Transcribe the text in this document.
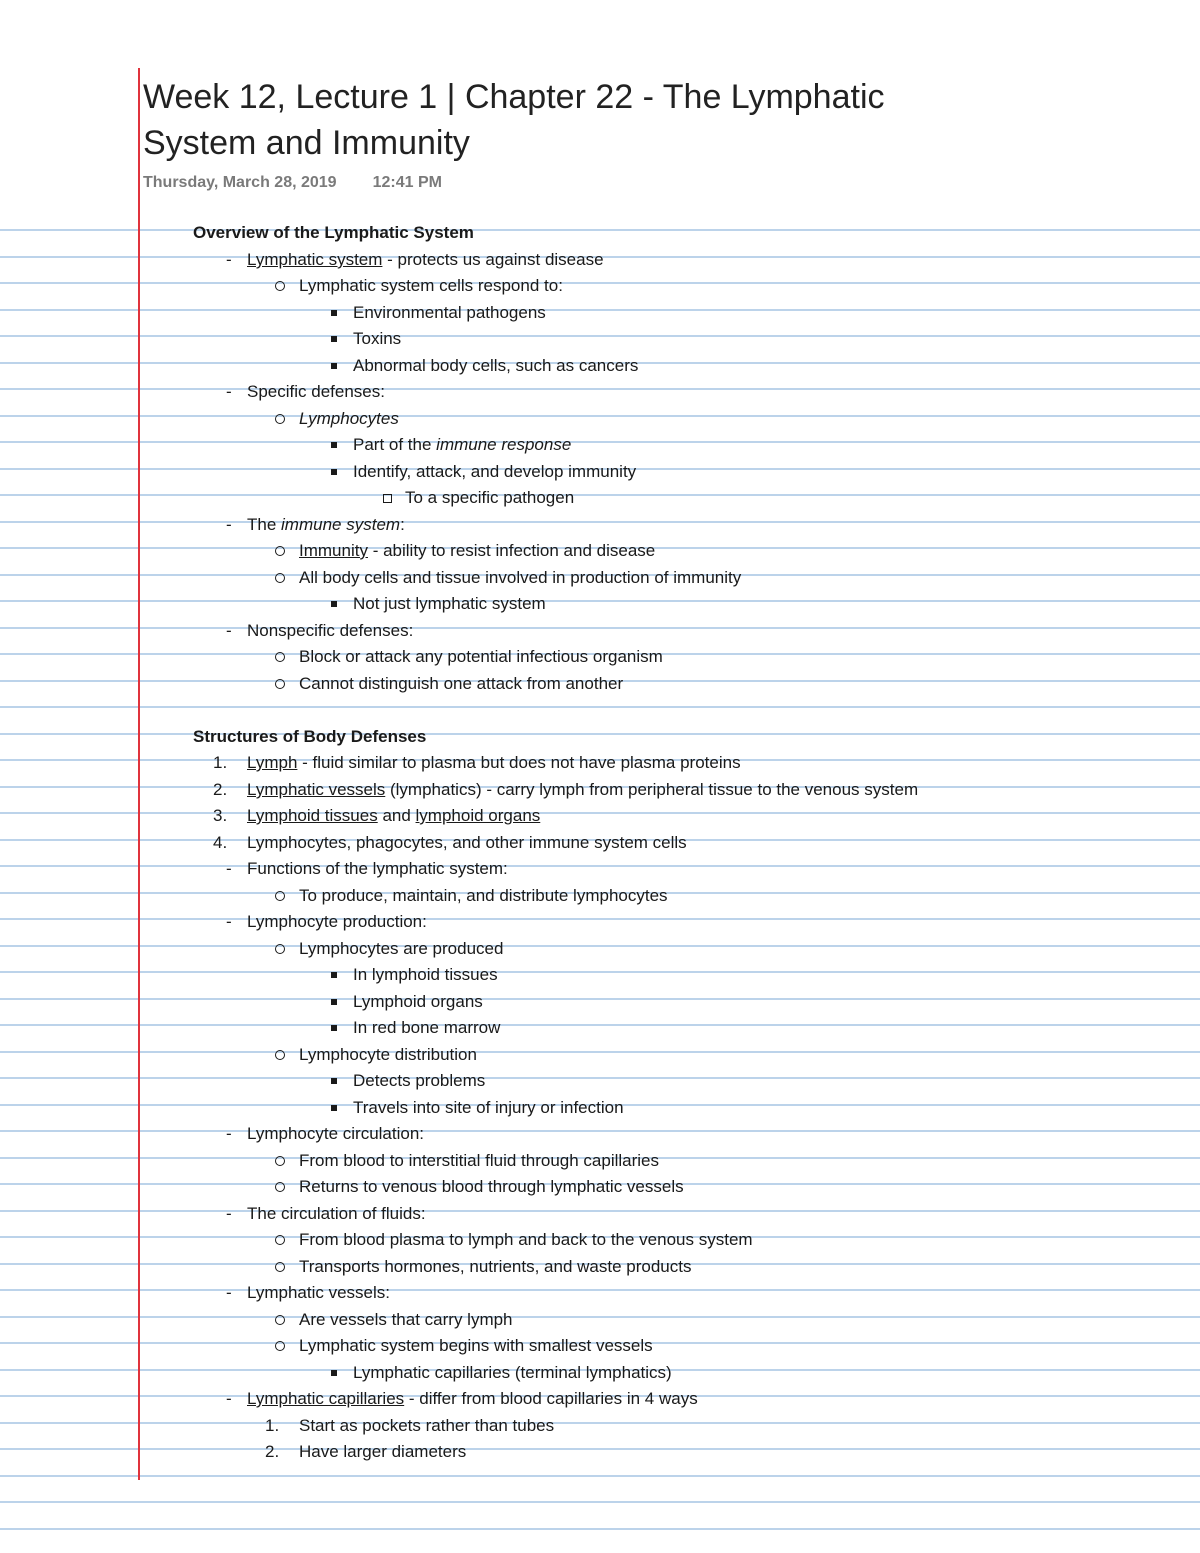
Week 12, Lecture 1 | Chapter 22 - The Lymphatic
System and Immunity
Thursday, March 28, 2019 12:41 PM
Overview of the Lymphatic System
- Lymphatic system - protects us against disease
Lymphatic system cells respond to:
Environmental pathogens
Toxins
Abnormal body cells, such as cancers
- Specific defenses:
Lymphocytes
Part of the immune response
Identify, attack, and develop immunity
To a specific pathogen
- The immune system:
Immunity - ability to resist infection and disease
All body cells and tissue involved in production of immunity
Not just lymphatic system
- Nonspecific defenses:
Block or attack any potential infectious organism
Cannot distinguish one attack from another
Structures of Body Defenses
1.	Lymph - fluid similar to plasma but does not have plasma proteins
2.	Lymphatic vessels (lymphatics) - carry lymph from peripheral tissue to the venous system
3.	Lymphoid tissues and lymphoid organs
4.	Lymphocytes, phagocytes, and other immune system cells
- Functions of the lymphatic system:
To produce, maintain, and distribute lymphocytes
- Lymphocyte production:
Lymphocytes are produced
In lymphoid tissues
Lymphoid organs
In red bone marrow
Lymphocyte distribution
Detects problems
Travels into site of injury or infection
- Lymphocyte circulation:
From blood to interstitial fluid through capillaries
Returns to venous blood through lymphatic vessels
- The circulation of fluids:
From blood plasma to lymph and back to the venous system
Transports hormones, nutrients, and waste products
- Lymphatic vessels:
Are vessels that carry lymph
Lymphatic system begins with smallest vessels
Lymphatic capillaries (terminal lymphatics)
- Lymphatic capillaries - differ from blood capillaries in 4 ways
1.	Start as pockets rather than tubes
2.	Have larger diameters
